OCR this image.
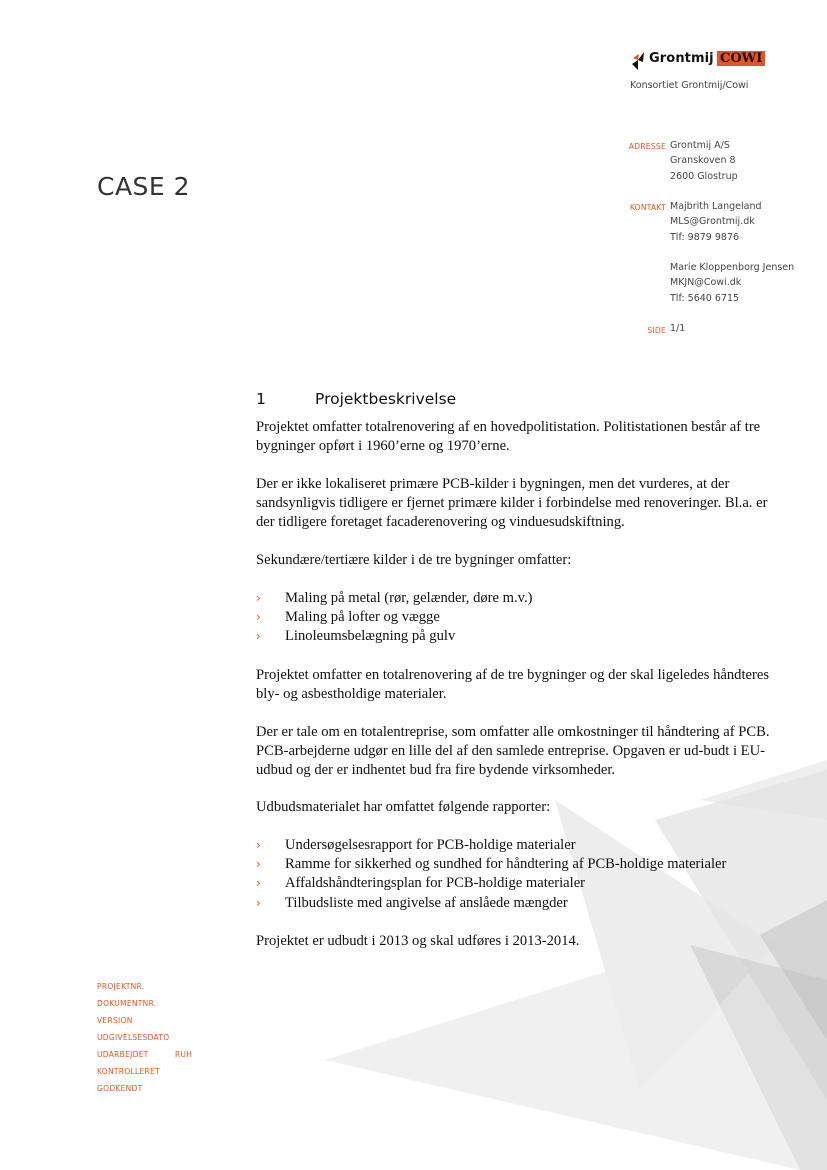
Grontmij COWI
Konsortiet Grontmij/Cowi
CASE 2
ADRESSE Grontmij A/S
Granskoven 8
2600 Glostrup
KONTAKT Majbrith Langeland
MLS@Grontmij.dk
Tlf: 9879 9876
Marie Kloppenborg Jensen
MKJN@Cowi.dk
Tlf: 5640 6715
SIDE 1/1
1	Projektbeskrivelse

Projektet omfatter totalrenovering af en hovedpolitistation. Politistationen består af tre bygninger opført i 1960’erne og 1970’erne.

Der er ikke lokaliseret primære PCB-kilder i bygningen, men det vurderes, at der sandsynligvis tidligere er fjernet primære kilder i forbindelse med renoveringer. Bl.a. er der tidligere foretaget facaderenovering og vinduesudskiftning.

Sekundære/tertiære kilder i de tre bygninger omfatter:

› Maling på metal (rør, gelænder, døre m.v.)
› Maling på lofter og vægge
› Linoleumsbelægning på gulv

Projektet omfatter en totalrenovering af de tre bygninger og der skal ligeledes håndteres bly- og asbestholdige materialer.

Der er tale om en totalentreprise, som omfatter alle omkostninger til håndtering af PCB. PCB-arbejderne udgør en lille del af den samlede entreprise. Opgaven er ud-budt i EU-udbud og der er indhentet bud fra fire bydende virksomheder.

Udbudsmaterialet har omfattet følgende rapporter:

› Undersøgelsesrapport for PCB-holdige materialer
› Ramme for sikkerhed og sundhed for håndtering af PCB-holdige materialer
› Affaldshåndteringsplan for PCB-holdige materialer
› Tilbudsliste med angivelse af anslåede mængder

Projektet er udbudt i 2013 og skal udføres i 2013-2014.

PROJEKTNR.
DOKUMENTNR.
VERSION
UDGIVELSESDATO
UDARBEJDET	RUH
KONTROLLERET
GODKENDT
